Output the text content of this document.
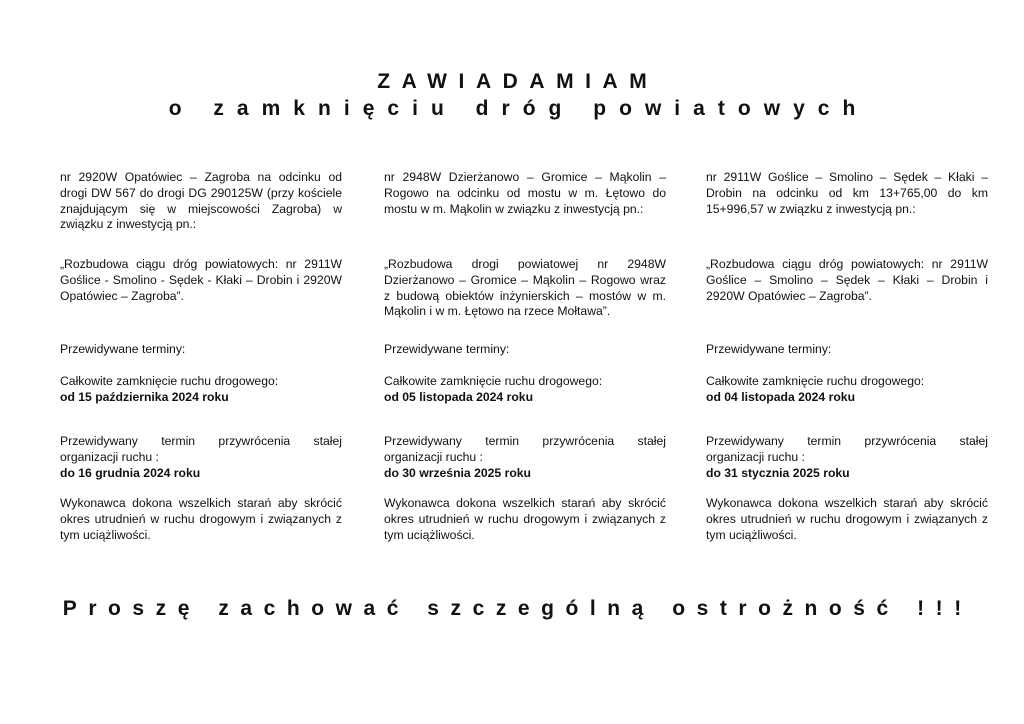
ZAWIADAMIAM
o zamknięciu dróg powiatowych

nr 2920W Opatówiec – Zagroba na odcinku od drogi DW 567 do drogi DG 290125W (przy kościele znajdującym się w miejscowości Zagroba) w związku z inwestycją pn.:

„Rozbudowa ciągu dróg powiatowych: nr 2911W Goślice - Smolino - Sędek - Kłaki – Drobin i 2920W Opatówiec – Zagroba”.

Przewidywane terminy:

Całkowite zamknięcie ruchu drogowego:
od 15 października 2024 roku

Przewidywany termin przywrócenia stałej organizacji ruchu :
do 16 grudnia 2024 roku

Wykonawca dokona wszelkich starań aby skrócić okres utrudnień w ruchu drogowym i związanych z tym uciążliwości.

nr 2948W Dzierżanowo – Gromice – Mąkolin – Rogowo na odcinku od mostu w m. Łętowo do mostu w m. Mąkolin w związku z inwestycją pn.:

„Rozbudowa drogi powiatowej nr 2948W Dzierżanowo – Gromice – Mąkolin – Rogowo wraz z budową obiektów inżynierskich – mostów w m. Mąkolin i w m. Łętowo na rzece Mołtawa”.

Przewidywane terminy:

Całkowite zamknięcie ruchu drogowego:
od 05 listopada 2024 roku

Przewidywany termin przywrócenia stałej organizacji ruchu :
do 30 września 2025 roku

Wykonawca dokona wszelkich starań aby skrócić okres utrudnień w ruchu drogowym i związanych z tym uciążliwości.

nr 2911W Goślice – Smolino – Sędek – Kłaki – Drobin na odcinku od km 13+765,00 do km 15+996,57 w związku z inwestycją pn.:

„Rozbudowa ciągu dróg powiatowych: nr 2911W Goślice – Smolino – Sędek – Kłaki – Drobin i 2920W Opatówiec – Zagroba”.

Przewidywane terminy:

Całkowite zamknięcie ruchu drogowego:
od 04 listopada 2024 roku

Przewidywany termin przywrócenia stałej organizacji ruchu :
do 31 stycznia 2025 roku

Wykonawca dokona wszelkich starań aby skrócić okres utrudnień w ruchu drogowym i związanych z tym uciążliwości.

Proszę zachować szczególną ostrożność !!!
